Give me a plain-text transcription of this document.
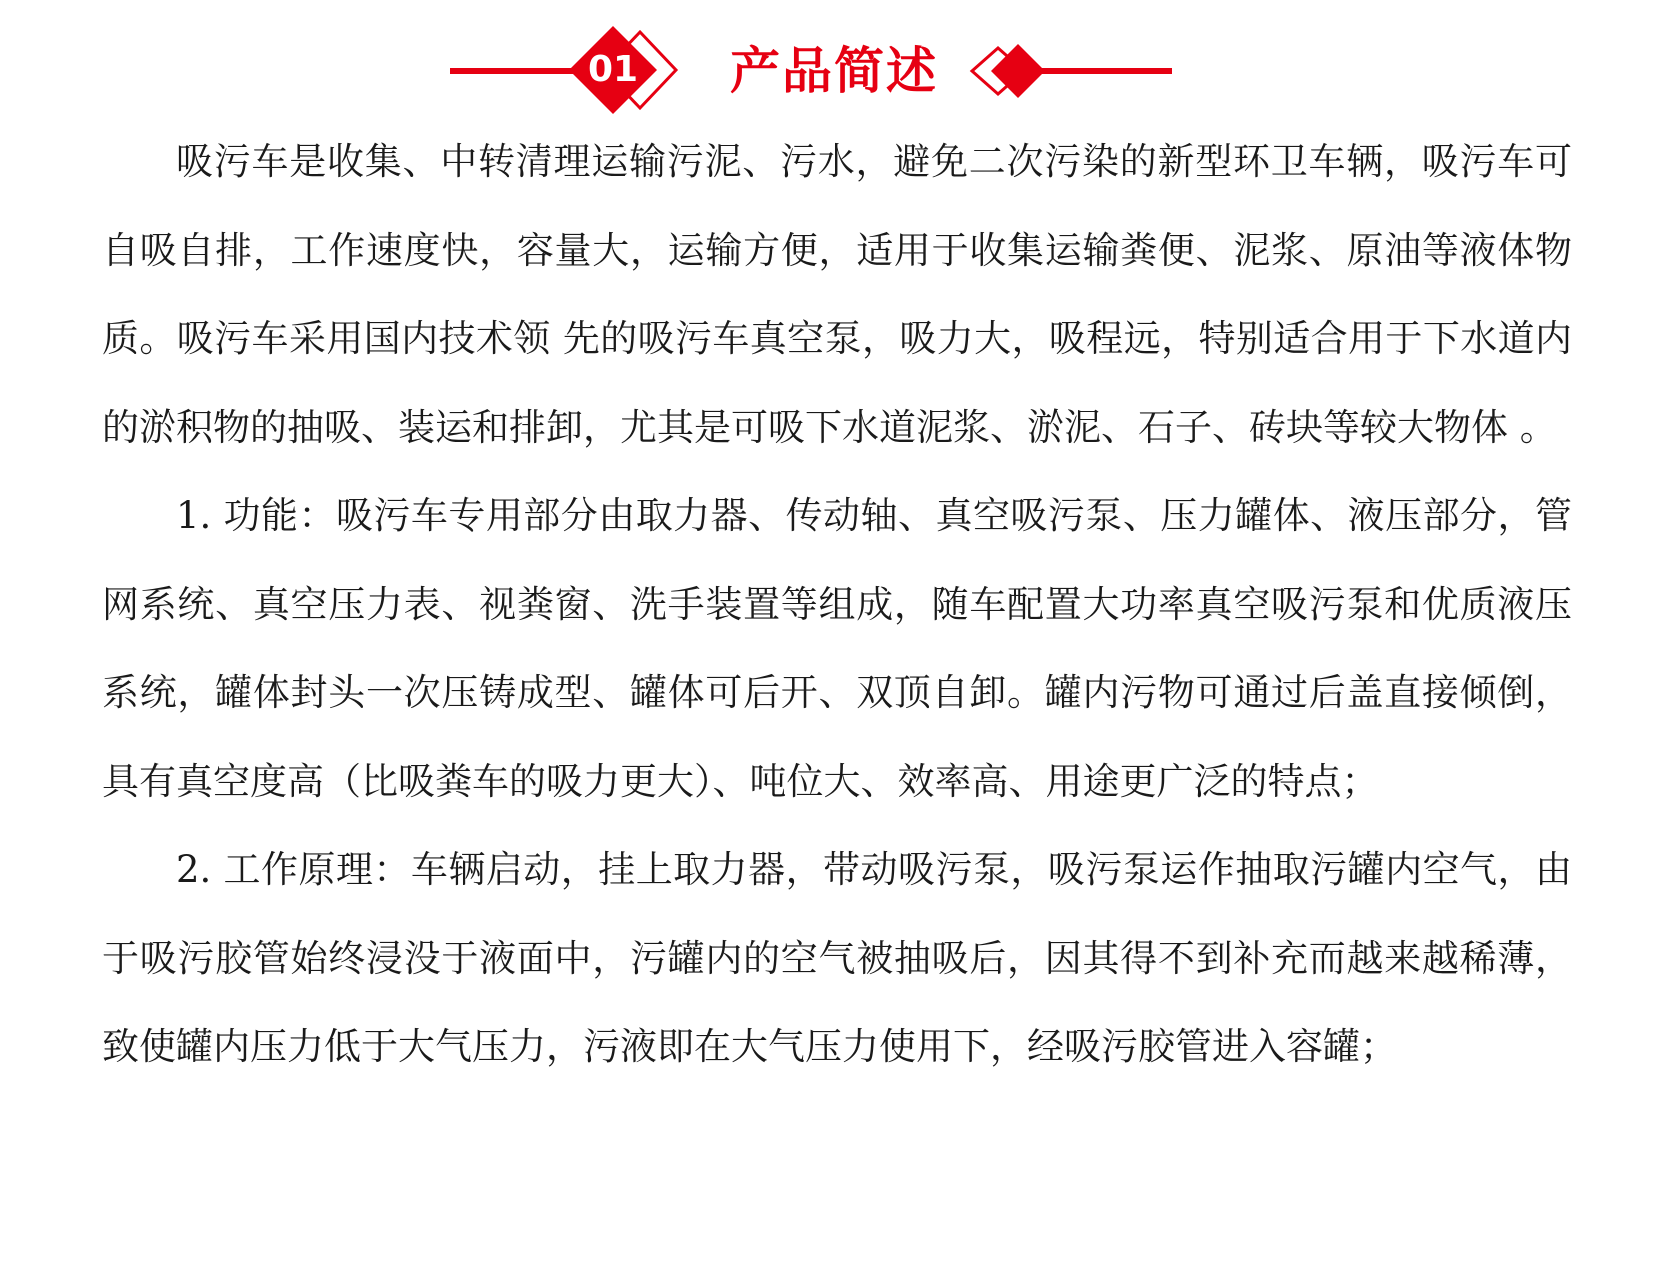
01 产品简述

吸污车是收集、中转清理运输污泥、污水，避免二次污染的新型环卫车辆，吸污车可自吸自排，工作速度快，容量大，运输方便，适用于收集运输粪便、泥浆、原油等液体物质。吸污车采用国内技术领 先的吸污车真空泵，吸力大，吸程远，特别适合用于下水道内的淤积物的抽吸、装运和排卸，尤其是可吸下水道泥浆、淤泥、石子、砖块等较大物体 。

1. 功能：吸污车专用部分由取力器、传动轴、真空吸污泵、压力罐体、液压部分，管网系统、真空压力表、视粪窗、洗手装置等组成，随车配置大功率真空吸污泵和优质液压系统，罐体封头一次压铸成型、罐体可后开、双顶自卸。罐内污物可通过后盖直接倾倒，具有真空度高（比吸粪车的吸力更大）、吨位大、效率高、用途更广泛的特点；

2. 工作原理：车辆启动，挂上取力器，带动吸污泵，吸污泵运作抽取污罐内空气，由于吸污胶管始终浸没于液面中，污罐内的空气被抽吸后，因其得不到补充而越来越稀薄，致使罐内压力低于大气压力，污液即在大气压力使用下，经吸污胶管进入容罐；
